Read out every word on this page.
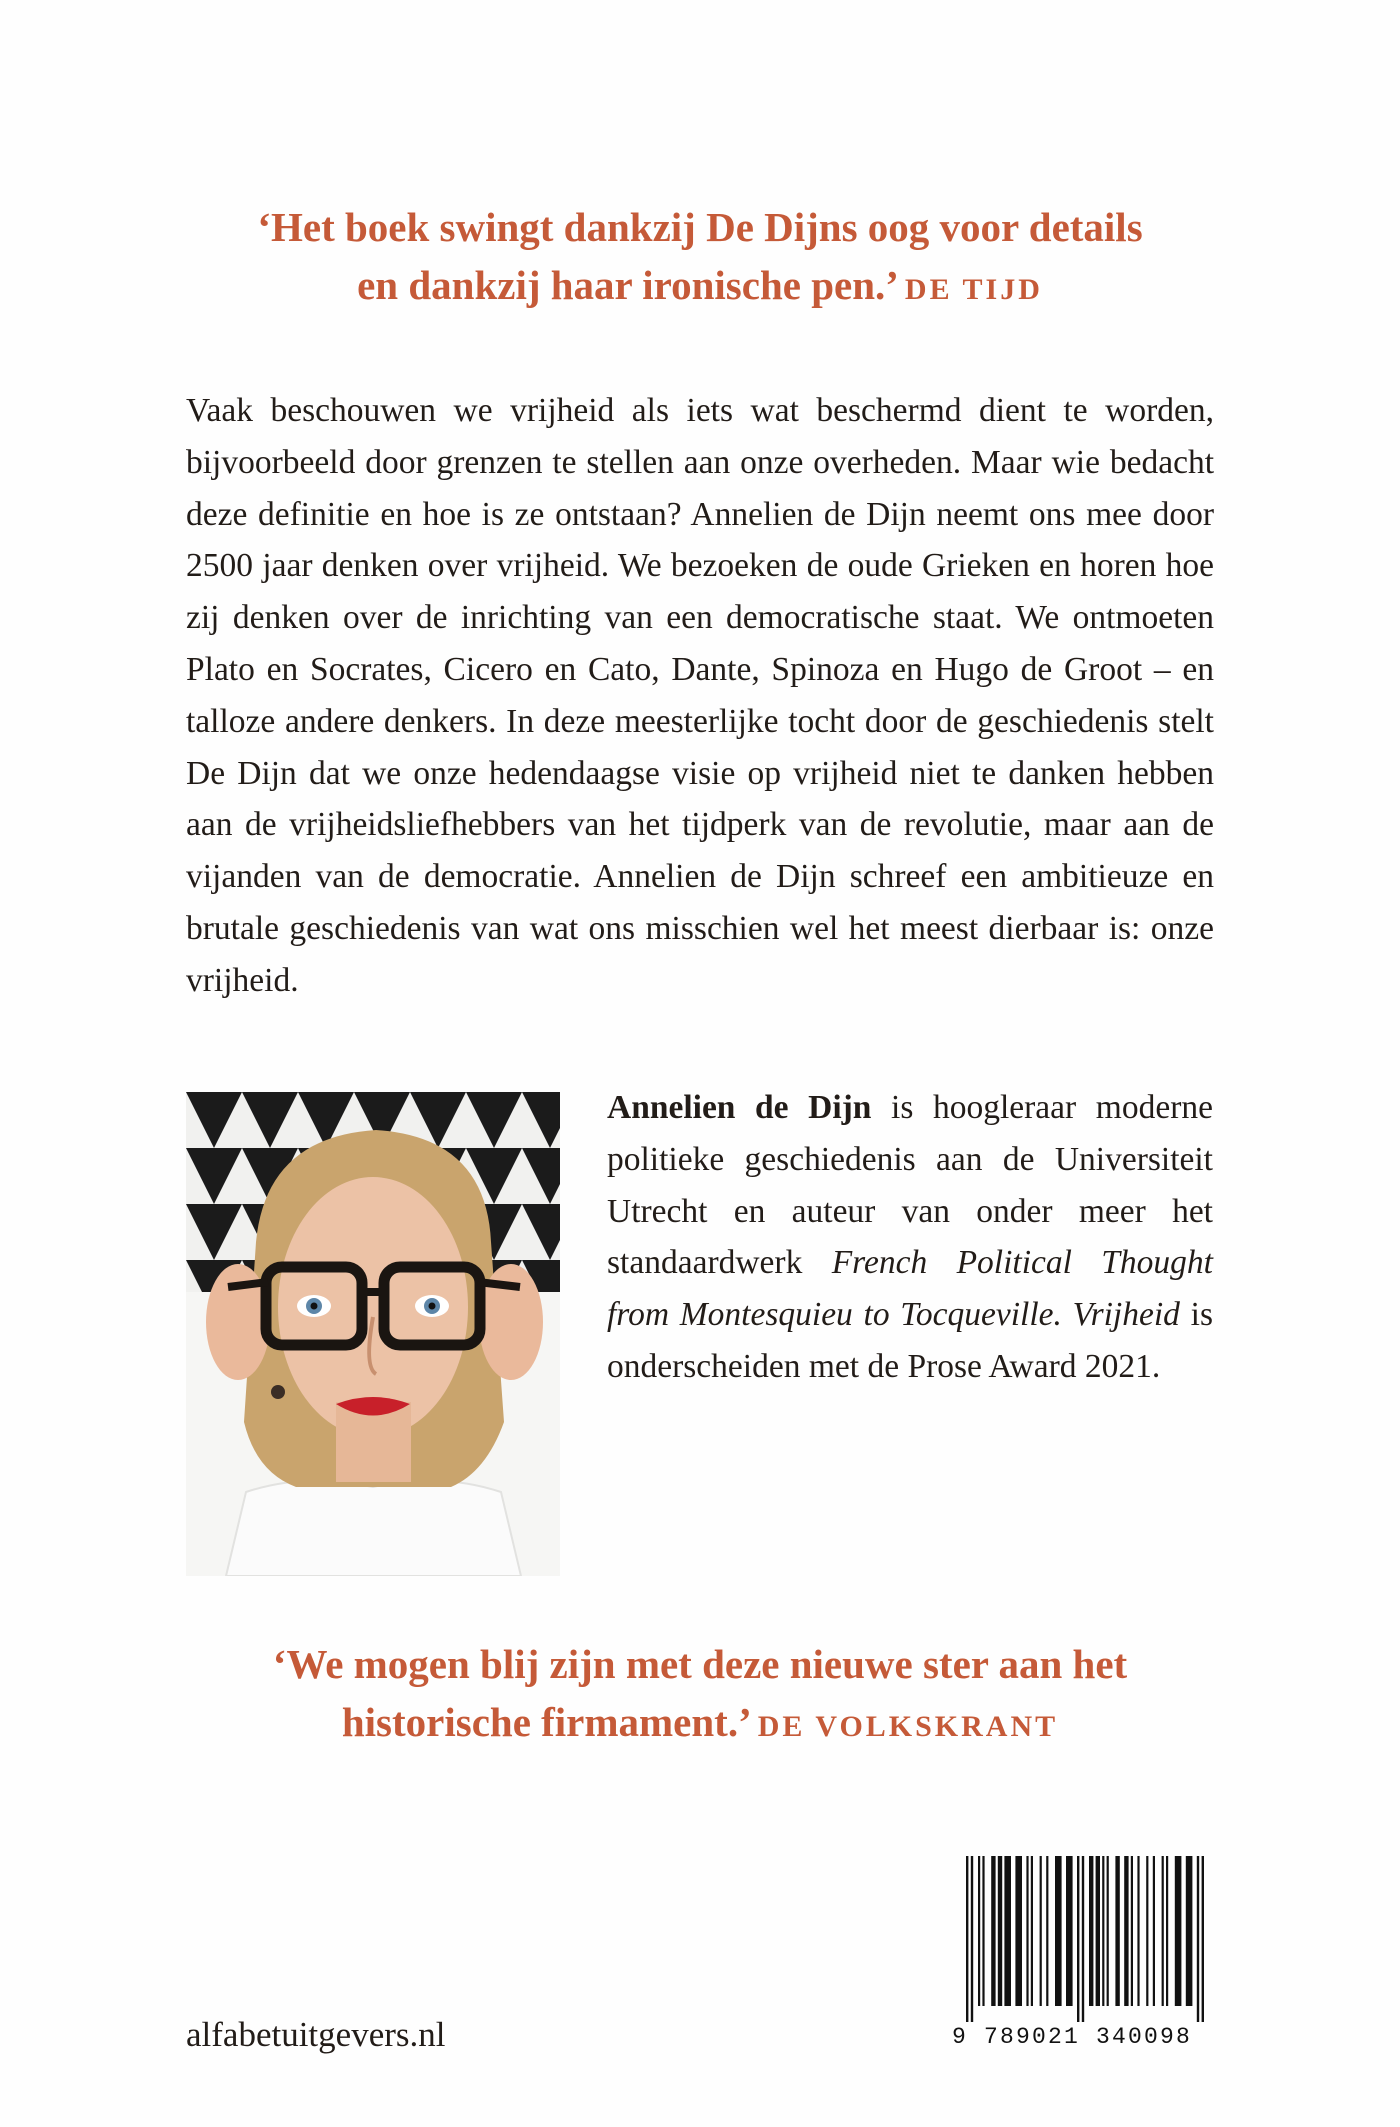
‘Het boek swingt dankzij De Dijns oog voor details
en dankzij haar ironische pen.’ DE TIJD
Vaak beschouwen we vrijheid als iets wat beschermd dient te worden, bijvoorbeeld door grenzen te stellen aan onze overheden. Maar wie bedacht deze definitie en hoe is ze ontstaan? Annelien de Dijn neemt ons mee door 2500 jaar denken over vrijheid. We bezoeken de oude Grieken en horen hoe zij denken over de inrichting van een democratische staat. We ontmoeten Plato en Socrates, Cicero en Cato, Dante, Spinoza en Hugo de Groot – en talloze andere denkers. In deze meesterlijke tocht door de geschiedenis stelt De Dijn dat we onze hedendaagse visie op vrijheid niet te danken hebben aan de vrijheidsliefhebbers van het tijdperk van de revolutie, maar aan de vijanden van de democratie. Annelien de Dijn schreef een ambitieuze en brutale geschiedenis van wat ons misschien wel het meest dierbaar is: onze vrijheid.
Annelien de Dijn is hoogleraar moderne politieke geschiedenis aan de Universiteit Utrecht en auteur van onder meer het standaardwerk French Political Thought from Montesquieu to Tocqueville. Vrijheid is onderscheiden met de Prose Award 2021.
‘We mogen blij zijn met deze nieuwe ster aan het
historische firmament.’ DE VOLKSKRANT
alfabetuitgevers.nl	9 789021 340098
